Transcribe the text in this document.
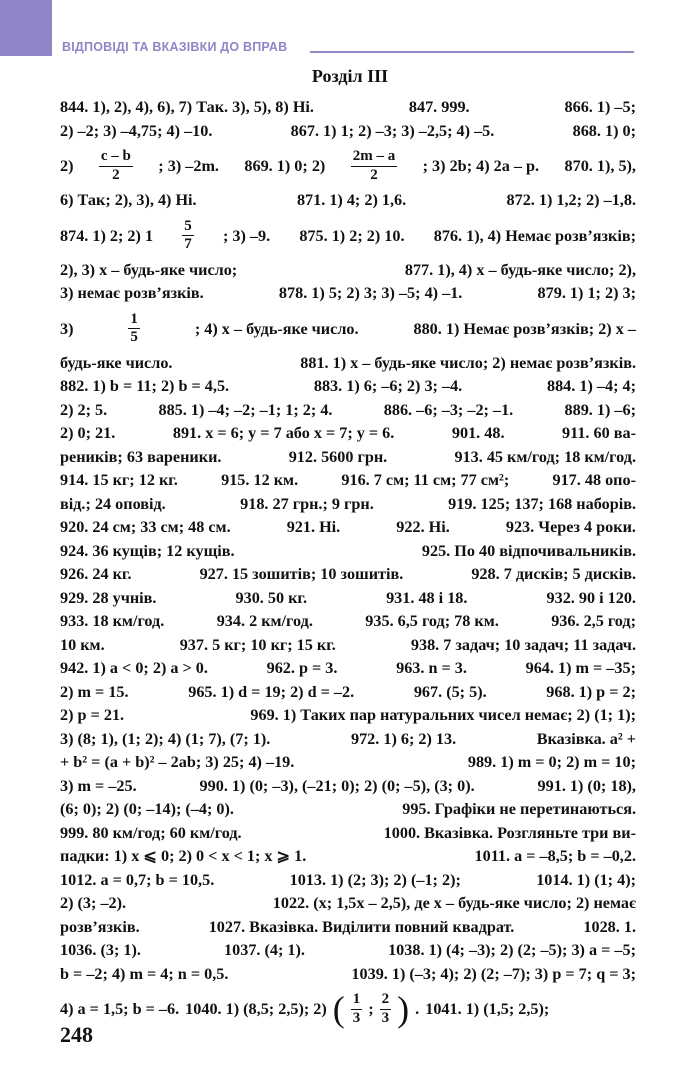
ВІДПОВІДІ ТА ВКАЗІВКИ ДО ВПРАВ
Розділ III
844. 1), 2), 4), 6), 7) Так. 3), 5), 8) Ні.	847. 999.	866. 1) –5;
2) –2; 3) –4,75; 4) –10.	867. 1) 1; 2) –3; 3) –2,5; 4) –5.	868. 1) 0;
$2) \frac{c - b}{2}$ ; 3) –2m. 869. 1) 0; $2) \frac{2m - a}{2}$ ; 3) 2b; 4) 2a – p. 870. 1), 5),
6) Так; 2), 3), 4) Ні.	871. 1) 4; 2) 1,6.	872. 1) 1,2; 2) –1,8.
874. 1) 2; 2) $1 \frac{5}{7}$ ; 3) –9. 875. 1) 2; 2) 10. 876. 1), 4) Немає розв’язків;
2), 3) x – будь-яке число;	877. 1), 4) x – будь-яке число; 2),
3) немає розв’язків.	878. 1) 5; 2) 3; 3) –5; 4) –1.	879. 1) 1; 2) 3;
3)	$\frac{1}{5}$	; 4) x – будь-яке число.	880. 1) Немає розв’язків; 2) x –
будь-яке число.	881. 1) x – будь-яке число; 2) немає розв’язків.
882. 1) b = 11; 2) b = 4,5.	883. 1) 6; –6; 2) 3; –4.	884. 1) –4; 4;
2) 2; 5.	885. 1) –4; –2; –1; 1; 2; 4.	886. –6; –3; –2; –1.	889. 1) –6;
2) 0; 21.	891. x = 6; y = 7 або x = 7; y = 6.	901. 48.	911. 60 ва-
реників; 63 вареники.	912. 5600 грн.	913. 45 км/год; 18 км/год.
914. 15 кг; 12 кг.	915. 12 км.	916. 7 см; 11 см; 77 см²;	917. 48 опо-
від.; 24 оповід.	918. 27 грн.; 9 грн.	919. 125; 137; 168 наборів.
920. 24 см; 33 см; 48 см.	921. Ні.	922. Ні.	923. Через 4 роки.
924. 36 кущів; 12 кущів.	925. По 40 відпочивальників.
926. 24 кг.	927. 15 зошитів; 10 зошитів.	928. 7 дисків; 5 дисків.
929. 28 учнів.	930. 50 кг.	931. 48 і 18.	932. 90 і 120.
933. 18 км/год.	934. 2 км/год.	935. 6,5 год; 78 км.	936. 2,5 год;
10 км.	937. 5 кг; 10 кг; 15 кг.	938. 7 задач; 10 задач; 11 задач.
942. 1) a < 0; 2) a > 0.	962. p = 3.	963. n = 3.	964. 1) m = –35;
2) m = 15.	965. 1) d = 19; 2) d = –2.	967. (5; 5).	968. 1) p = 2;
2) p = 21.	969. 1) Таких пар натуральних чисел немає; 2) (1; 1);
3) (8; 1), (1; 2); 4) (1; 7), (7; 1).	972. 1) 6; 2) 13.	Вказівка. a² +
+ b² = (a + b)² – 2ab; 3) 25; 4) –19.	989. 1) m = 0; 2) m = 10;
3) m = –25.	990. 1) (0; –3), (–21; 0); 2) (0; –5), (3; 0).	991. 1) (0; 18),
(6; 0); 2) (0; –14); (–4; 0).	995. Графіки не перетинаються.
999. 80 км/год; 60 км/год.	1000. Вказівка. Розгляньте три ви-
падки: 1) x ⩽ 0; 2) 0 < x < 1; x ⩾ 1.	1011. a = –8,5; b = –0,2.
1012. a = 0,7; b = 10,5.	1013. 1) (2; 3); 2) (–1; 2);	1014. 1) (1; 4);
2) (3; –2).	1022. (x; 1,5x – 2,5), де x – будь-яке число; 2) немає
розв’язків.	1027. Вказівка. Виділити повний квадрат.	1028. 1.
1036. (3; 1).	1037. (4; 1).	1038. 1) (4; –3); 2) (2; –5); 3) a = –5;
b = –2; 4) m = 4; n = 0,5.	1039. 1) (–3; 4); 2) (2; –7); 3) p = 7; q = 3;
4) a = 1,5; b = –6. 1040. 1) (8,5; 2,5); 2) ( $\frac{1}{3}$ ; $\frac{2}{3}$ ) . 1041. 1) (1,5; 2,5);
248
